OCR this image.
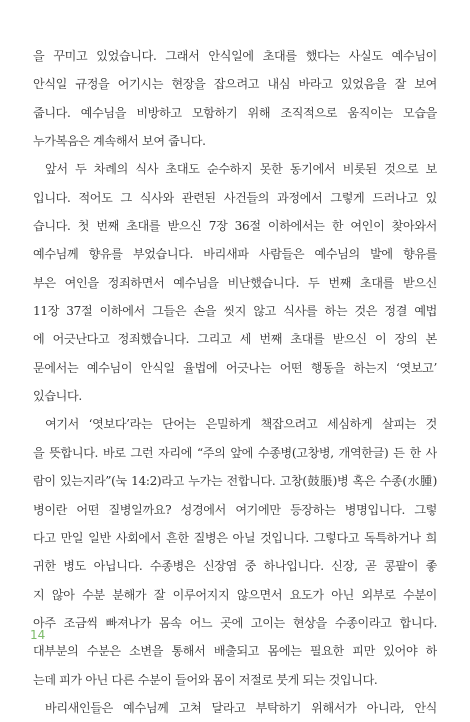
을 꾸미고 있었습니다. 그래서 안식일에 초대를 했다는 사실도 예수님이
안식일 규정을 어기시는 현장을 잡으려고 내심 바라고 있었음을 잘 보여
줍니다. 예수님을 비방하고 모함하기 위해 조직적으로 움직이는 모습을
누가복음은 계속해서 보여 줍니다.
앞서 두 차례의 식사 초대도 순수하지 못한 동기에서 비롯된 것으로 보
입니다. 적어도 그 식사와 관련된 사건들의 과정에서 그렇게 드러나고 있
습니다. 첫 번째 초대를 받으신 7장 36절 이하에서는 한 여인이 찾아와서
예수님께 향유를 부었습니다. 바리새파 사람들은 예수님의 발에 향유를
부은 여인을 정죄하면서 예수님을 비난했습니다. 두 번째 초대를 받으신
11장 37절 이하에서 그들은 손을 씻지 않고 식사를 하는 것은 정결 예법
에 어긋난다고 정죄했습니다. 그리고 세 번째 초대를 받으신 이 장의 본
문에서는 예수님이 안식일 율법에 어긋나는 어떤 행동을 하는지 ‘엿보고’
있습니다.
여기서 ‘엿보다’라는 단어는 은밀하게 책잡으려고 세심하게 살피는 것
을 뜻합니다. 바로 그런 자리에 “주의 앞에 수종병(고창병, 개역한글) 든 한 사
람이 있는지라”(눅 14:2)라고 누가는 전합니다. 고창(鼓脹)병 혹은 수종(水腫)
병이란 어떤 질병일까요? 성경에서 여기에만 등장하는 병명입니다. 그렇
다고 만일 일반 사회에서 흔한 질병은 아닐 것입니다. 그렇다고 독특하거나 희
귀한 병도 아닙니다. 수종병은 신장염 중 하나입니다. 신장, 곧 콩팥이 좋
지 않아 수분 분해가 잘 이루어지지 않으면서 요도가 아닌 외부로 수분이
아주 조금씩 빠져나가 몸속 어느 곳에 고이는 현상을 수종이라고 합니다.
대부분의 수분은 소변을 통해서 배출되고 몸에는 필요한 피만 있어야 하
는데 피가 아닌 다른 수분이 들어와 몸이 저절로 붓게 되는 것입니다.
바리새인들은 예수님께 고쳐 달라고 부탁하기 위해서가 아니라, 안식
14
